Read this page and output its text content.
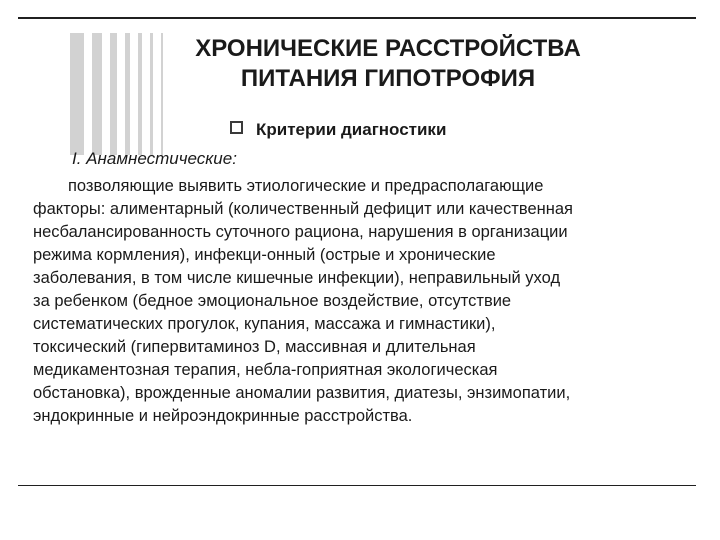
ХРОНИЧЕСКИЕ РАССТРОЙСТВА
ПИТАНИЯ ГИПОТРОФИЯ
Критерии диагностики
I. Анамнестические:
позволяющие выявить этиологические и предрасполагающие
факторы: алиментарный (количественный дефицит или качественная
несбалансированность суточного рациона, нарушения в организации
режима кормления), инфекци-онный (острые и хронические
заболевания, в том числе кишечные инфекции), неправильный уход
за ребенком (бедное эмоциональное воздействие, отсутствие
систематических прогулок, купания, массажа и гимнастики),
токсический (гипервитаминоз D, массивная и длительная
медикаментозная терапия, небла-гоприятная экологическая
обстановка), врожденные аномалии развития, диатезы, энзимопатии,
эндокринные и нейроэндокринные расстройства.
